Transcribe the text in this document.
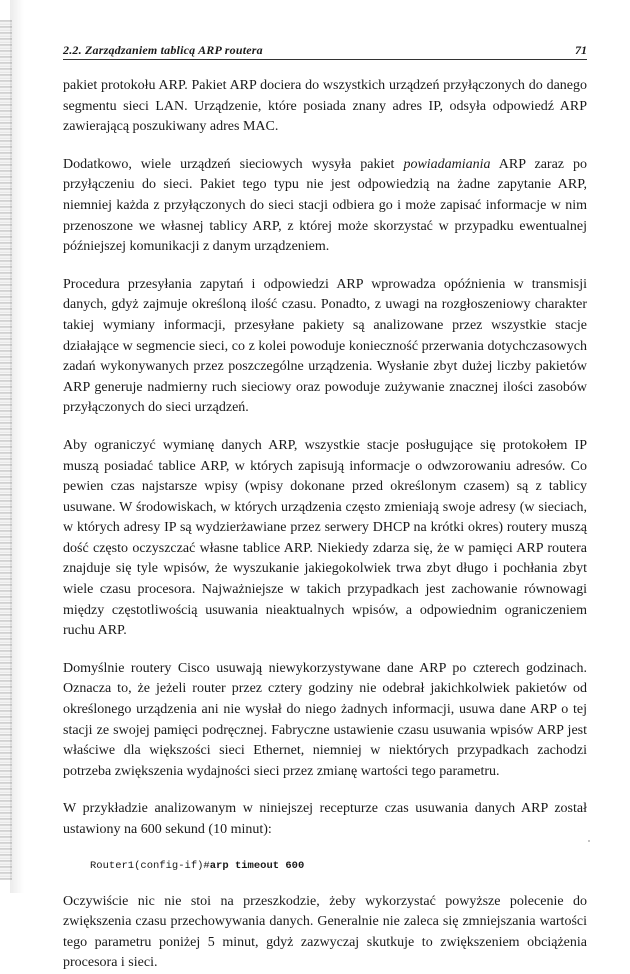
2.2. Zarządzaniem tablicą ARP routera	71

pakiet protokołu ARP. Pakiet ARP dociera do wszystkich urządzeń przyłączonych do danego segmentu sieci LAN. Urządzenie, które posiada znany adres IP, odsyła odpowiedź ARP zawierającą poszukiwany adres MAC.

Dodatkowo, wiele urządzeń sieciowych wysyła pakiet powiadamiania ARP zaraz po przyłączeniu do sieci. Pakiet tego typu nie jest odpowiedzią na żadne zapytanie ARP, niemniej każda z przyłączonych do sieci stacji odbiera go i może zapisać informacje w nim przenoszone we własnej tablicy ARP, z której może skorzystać w przypadku ewentualnej późniejszej komunikacji z danym urządzeniem.

Procedura przesyłania zapytań i odpowiedzi ARP wprowadza opóźnienia w transmisji danych, gdyż zajmuje określoną ilość czasu. Ponadto, z uwagi na rozgłoszeniowy charakter takiej wymiany informacji, przesyłane pakiety są analizowane przez wszystkie stacje działające w segmencie sieci, co z kolei powoduje konieczność przerwania dotychczasowych zadań wykonywanych przez poszczególne urządzenia. Wysłanie zbyt dużej liczby pakietów ARP generuje nadmierny ruch sieciowy oraz powoduje zużywanie znacznej ilości zasobów przyłączonych do sieci urządzeń.

Aby ograniczyć wymianę danych ARP, wszystkie stacje posługujące się protokołem IP muszą posiadać tablice ARP, w których zapisują informacje o odwzorowaniu adresów. Co pewien czas najstarsze wpisy (wpisy dokonane przed określonym czasem) są z tablicy usuwane. W środowiskach, w których urządzenia często zmieniają swoje adresy (w sieciach, w których adresy IP są wydzierżawiane przez serwery DHCP na krótki okres) routery muszą dość często oczyszczać własne tablice ARP. Niekiedy zdarza się, że w pamięci ARP routera znajduje się tyle wpisów, że wyszukanie jakiegokolwiek trwa zbyt długo i pochłania zbyt wiele czasu procesora. Najważniejsze w takich przypadkach jest zachowanie równowagi między częstotliwością usuwania nieaktualnych wpisów, a odpowiednim ograniczeniem ruchu ARP.

Domyślnie routery Cisco usuwają niewykorzystywane dane ARP po czterech godzinach. Oznacza to, że jeżeli router przez cztery godziny nie odebrał jakichkolwiek pakietów od określonego urządzenia ani nie wysłał do niego żadnych informacji, usuwa dane ARP o tej stacji ze swojej pamięci podręcznej. Fabryczne ustawienie czasu usuwania wpisów ARP jest właściwe dla większości sieci Ethernet, niemniej w niektórych przypadkach zachodzi potrzeba zwiększenia wydajności sieci przez zmianę wartości tego parametru.

W przykładzie analizowanym w niniejszej recepturze czas usuwania danych ARP został ustawiony na 600 sekund (10 minut):

Router1(config-if)#arp timeout 600

Oczywiście nic nie stoi na przeszkodzie, żeby wykorzystać powyższe polecenie do zwiększenia czasu przechowywania danych. Generalnie nie zaleca się zmniejszania wartości tego parametru poniżej 5 minut, gdyż zazwyczaj skutkuje to zwiększeniem obciążenia procesora i sieci.
